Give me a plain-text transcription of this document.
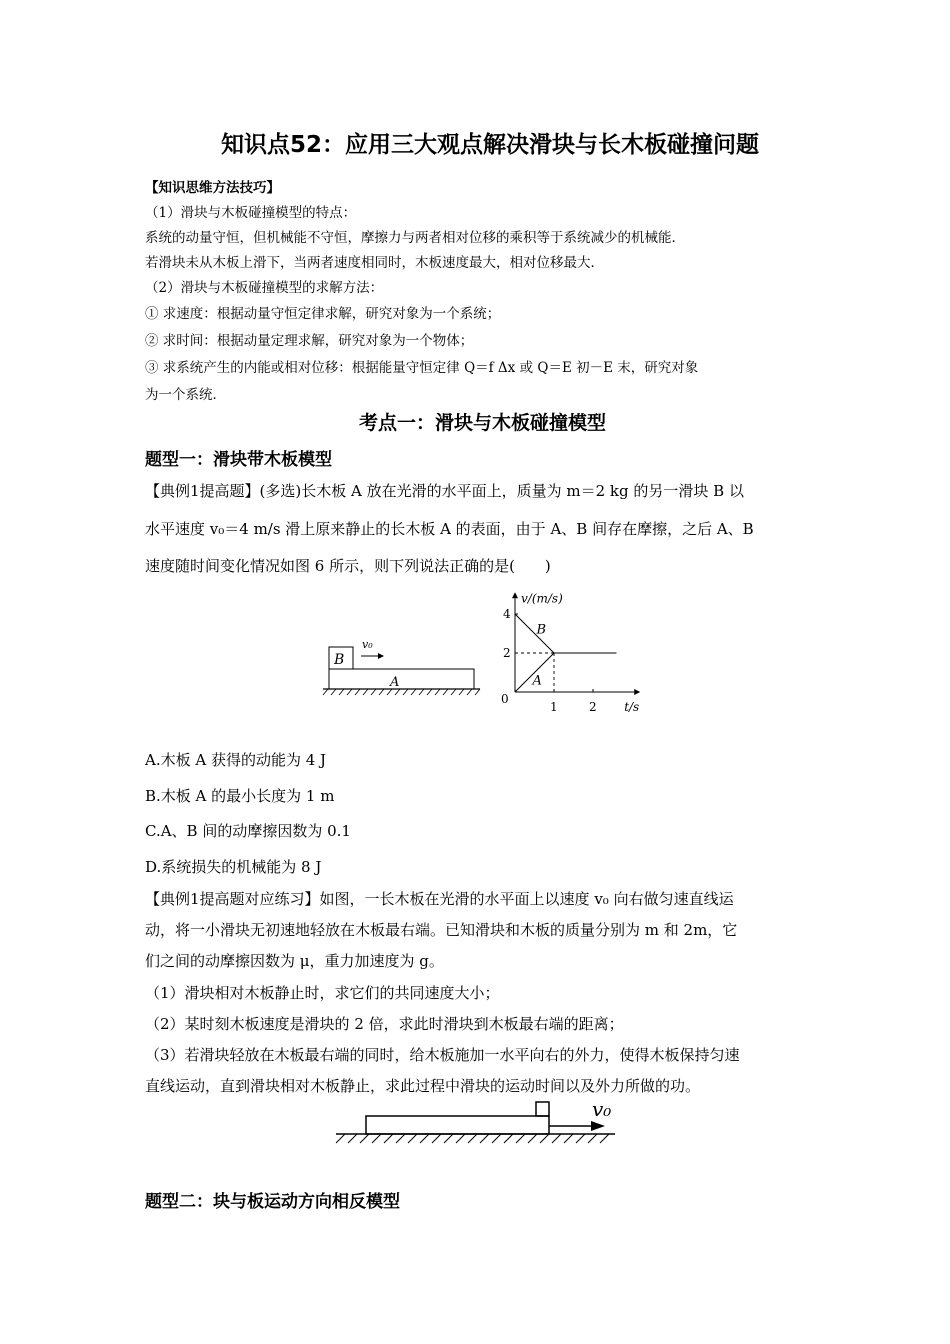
知识点52：应用三大观点解决滑块与长木板碰撞问题
【知识思维方法技巧】
（1）滑块与木板碰撞模型的特点：
系统的动量守恒，但机械能不守恒，摩擦力与两者相对位移的乘积等于系统减少的机械能．
若滑块未从木板上滑下，当两者速度相同时，木板速度最大，相对位移最大．
（2）滑块与木板碰撞模型的求解方法：
① 求速度：根据动量守恒定律求解，研究对象为一个系统；
② 求时间：根据动量定理求解，研究对象为一个物体；
③ 求系统产生的内能或相对位移：根据能量守恒定律 Q＝f Δx 或 Q＝E 初－E 末，研究对象
为一个系统．
考点一：滑块与木板碰撞模型
题型一：滑块带木板模型
【典例1提高题】(多选)长木板 A 放在光滑的水平面上，质量为 m＝2 kg 的另一滑块 B 以
水平速度 v₀＝4 m/s 滑上原来静止的长木板 A 的表面，由于 A、B 间存在摩擦，之后 A、B
速度随时间变化情况如图 6 所示，则下列说法正确的是(　　)
B
v₀
A
v/(m/s)
t/s
0
1	2
2
4
B
A
A.木板 A 获得的动能为 4 J
B.木板 A 的最小长度为 1 m
C.A、B 间的动摩擦因数为 0.1
D.系统损失的机械能为 8 J
【典例1提高题对应练习】如图，一长木板在光滑的水平面上以速度 v₀ 向右做匀速直线运
动，将一小滑块无初速地轻放在木板最右端。已知滑块和木板的质量分别为 m 和 2m，它
们之间的动摩擦因数为 μ，重力加速度为 g。
（1）滑块相对木板静止时，求它们的共同速度大小；
（2）某时刻木板速度是滑块的 2 倍，求此时滑块到木板最右端的距离；
（3）若滑块轻放在木板最右端的同时，给木板施加一水平向右的外力，使得木板保持匀速
直线运动，直到滑块相对木板静止，求此过程中滑块的运动时间以及外力所做的功。
v₀
题型二：块与板运动方向相反模型
